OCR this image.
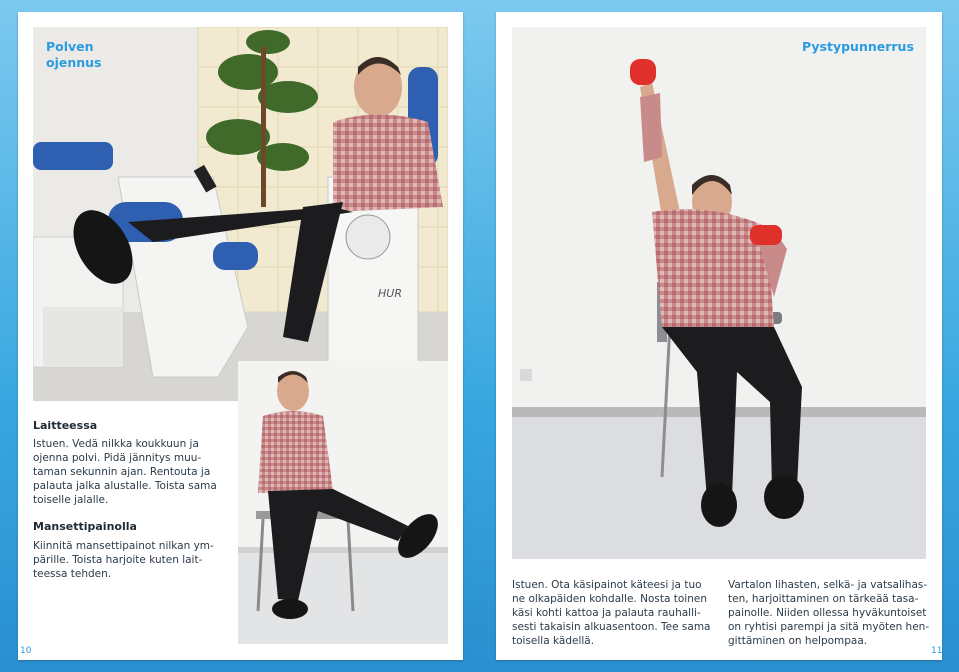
HUR
Polven
ojennus
Laitteessa
Istuen. Vedä nilkka koukkuun ja
ojenna polvi. Pidä jännitys muu-
taman sekunnin ajan. Rentouta ja
palauta jalka alustalle. Toista sama
toiselle jalalle.
Mansettipainolla
Kiinnitä mansettipainot nilkan ym-
pärille. Toista harjoite kuten lait-
teessa tehden.
10
Pystypunnerrus
Istuen. Ota käsipainot käteesi ja tuo
ne olkapäiden kohdalle. Nosta toinen
käsi kohti kattoa ja palauta rauhalli-
sesti takaisin alkuasentoon. Tee sama
toisella kädellä.
Vartalon lihasten, selkä- ja vatsalihas-
ten, harjoittaminen on tärkeää tasa-
painolle. Niiden ollessa hyväkuntoiset
on ryhtisi parempi ja sitä myöten hen-
gittäminen on helpompaa.
11
